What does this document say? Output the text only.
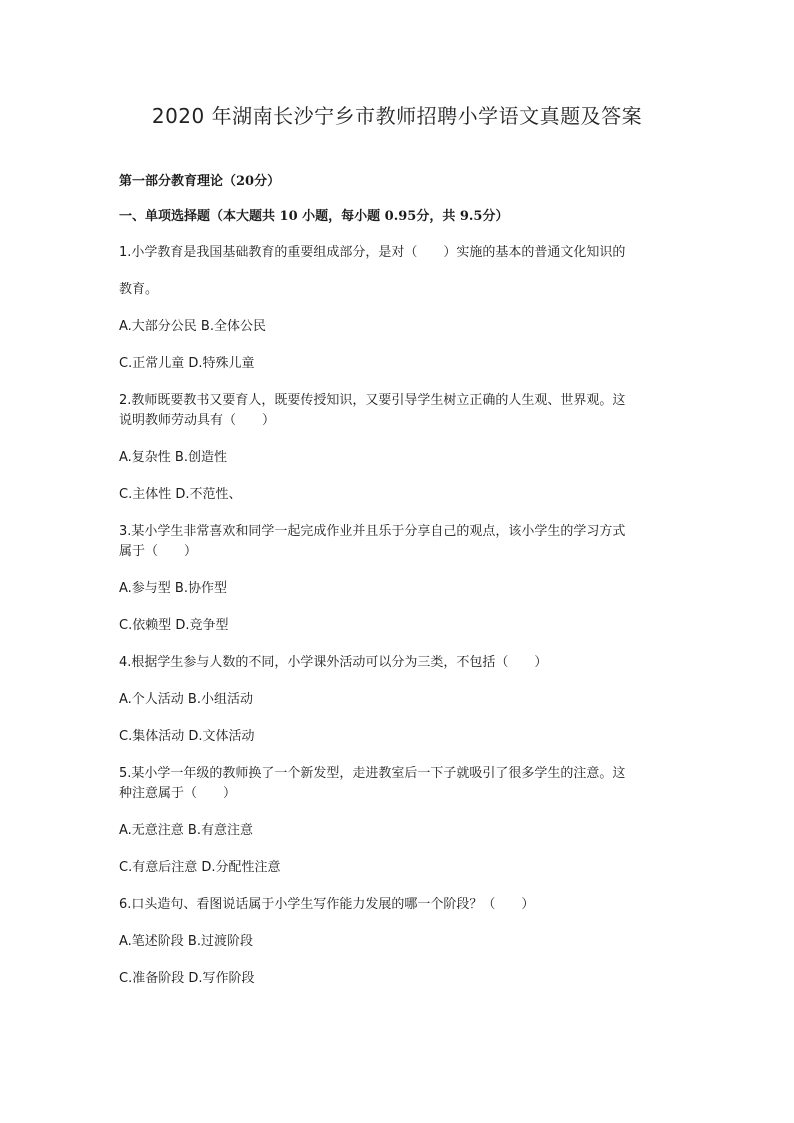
2020 年湖南长沙宁乡市教师招聘小学语文真题及答案
第一部分教育理论（20分）
一、单项选择题（本大题共 10 小题，每小题 0.95分，共 9.5分）
1.小学教育是我国基础教育的重要组成部分，是对（　　）实施的基本的普通文化知识的
教育。
A.大部分公民 B.全体公民
C.正常儿童 D.特殊儿童
2.教师既要教书又要育人，既要传授知识，又要引导学生树立正确的人生观、世界观。这
说明教师劳动具有（　　）
A.复杂性 B.创造性
C.主体性 D.不范性、
3.某小学生非常喜欢和同学一起完成作业并且乐于分享自己的观点，该小学生的学习方式
属于（　　）
A.参与型 B.协作型
C.依赖型 D.竞争型
4.根据学生参与人数的不同，小学课外活动可以分为三类，不包括（　　）
A.个人活动 B.小组活动
C.集体活动 D.文体活动
5.某小学一年级的教师换了一个新发型，走进教室后一下子就吸引了很多学生的注意。这
种注意属于（　　）
A.无意注意 B.有意注意
C.有意后注意 D.分配性注意
6.口头造句、看图说话属于小学生写作能力发展的哪一个阶段？（　　）
A.笔述阶段 B.过渡阶段
C.准备阶段 D.写作阶段
